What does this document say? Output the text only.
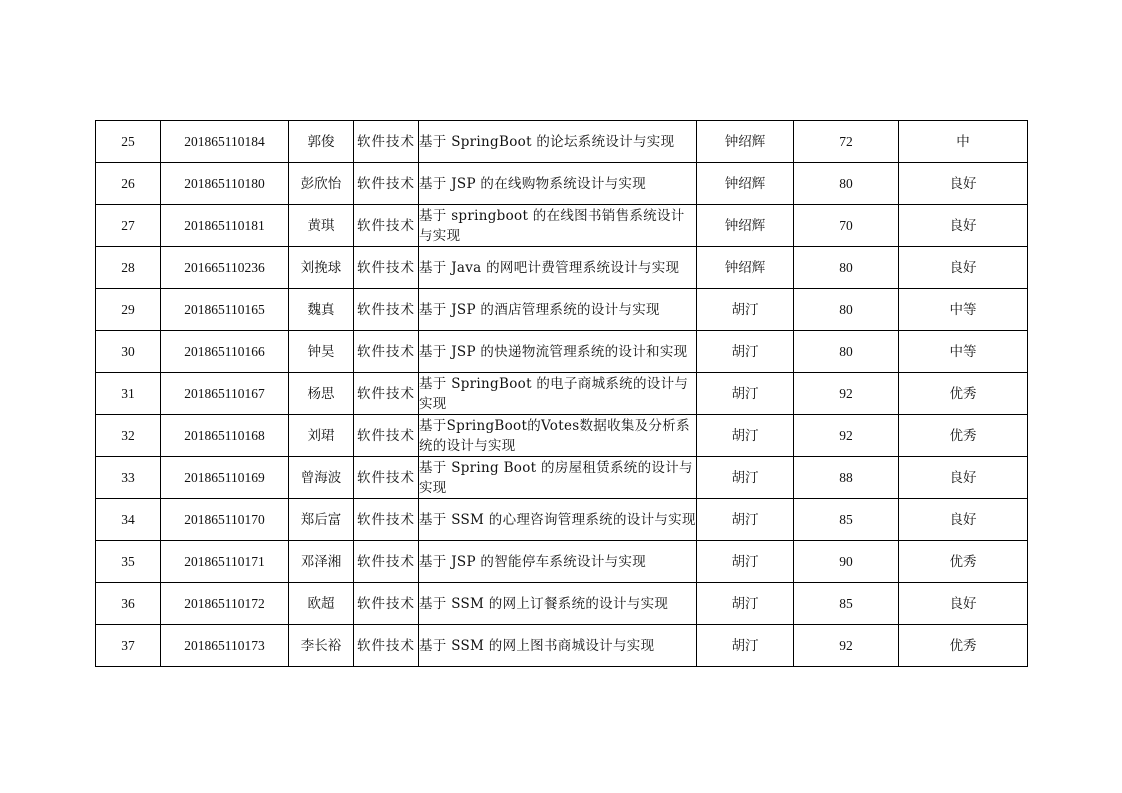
25	201865110184	郭俊	软件技术	基于 SpringBoot 的论坛系统设计与实现	钟绍辉	72	中
26	201865110180	彭欣怡	软件技术	基于 JSP 的在线购物系统设计与实现	钟绍辉	80	良好
27	201865110181	黄琪	软件技术	基于 springboot 的在线图书销售系统设计与实现	钟绍辉	70	良好
28	201665110236	刘挽球	软件技术	基于 Java 的网吧计费管理系统设计与实现	钟绍辉	80	良好
29	201865110165	魏真	软件技术	基于 JSP 的酒店管理系统的设计与实现	胡汀	80	中等
30	201865110166	钟昊	软件技术	基于 JSP 的快递物流管理系统的设计和实现	胡汀	80	中等
31	201865110167	杨思	软件技术	基于 SpringBoot 的电子商城系统的设计与实现	胡汀	92	优秀
32	201865110168	刘珺	软件技术	基于SpringBoot的Votes数据收集及分析系统的设计与实现	胡汀	92	优秀
33	201865110169	曾海波	软件技术	基于 Spring Boot 的房屋租赁系统的设计与实现	胡汀	88	良好
34	201865110170	郑后富	软件技术	基于 SSM 的心理咨询管理系统的设计与实现	胡汀	85	良好
35	201865110171	邓泽湘	软件技术	基于 JSP 的智能停车系统设计与实现	胡汀	90	优秀
36	201865110172	欧超	软件技术	基于 SSM 的网上订餐系统的设计与实现	胡汀	85	良好
37	201865110173	李长裕	软件技术	基于 SSM 的网上图书商城设计与实现	胡汀	92	优秀
